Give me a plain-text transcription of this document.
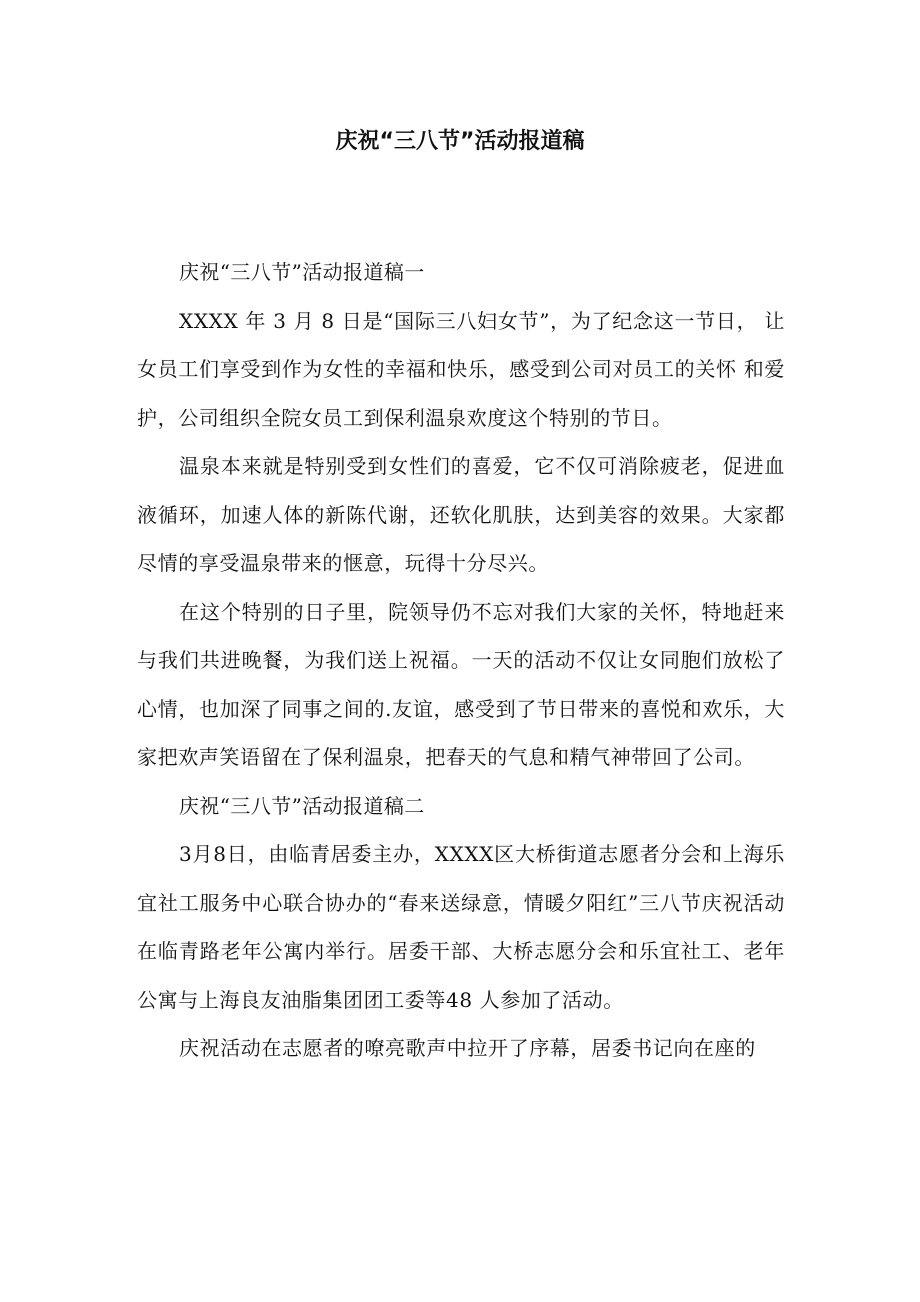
庆祝“三八节”活动报道稿

庆祝“三八节”活动报道稿一

XXXX 年 3 月 8 日是“国际三八妇女节”，为了纪念这一节日， 让女员工们享受到作为女性的幸福和快乐，感受到公司对员工的关怀 和爱护，公司组织全院女员工到保利温泉欢度这个特别的节日。

温泉本来就是特别受到女性们的喜爱，它不仅可消除疲老，促进血液循环，加速人体的新陈代谢，还软化肌肤，达到美容的效果。大家都尽情的享受温泉带来的惬意，玩得十分尽兴。

在这个特别的日子里，院领导仍不忘对我们大家的关怀，特地赶来与我们共进晚餐，为我们送上祝福。一天的活动不仅让女同胞们放松了心情，也加深了同事之间的.友谊，感受到了节日带来的喜悦和欢乐，大家把欢声笑语留在了保利温泉，把春天的气息和精气神带回了公司。

庆祝“三八节”活动报道稿二

3月8日，由临青居委主办，XXXX区大桥街道志愿者分会和上海乐宜社工服务中心联合协办的“春来送绿意，情暖夕阳红”三八节庆祝活动在临青路老年公寓内举行。居委干部、大桥志愿分会和乐宜社工、老年公寓与上海良友油脂集团团工委等48 人参加了活动。

庆祝活动在志愿者的嘹亮歌声中拉开了序幕，居委书记向在座的
